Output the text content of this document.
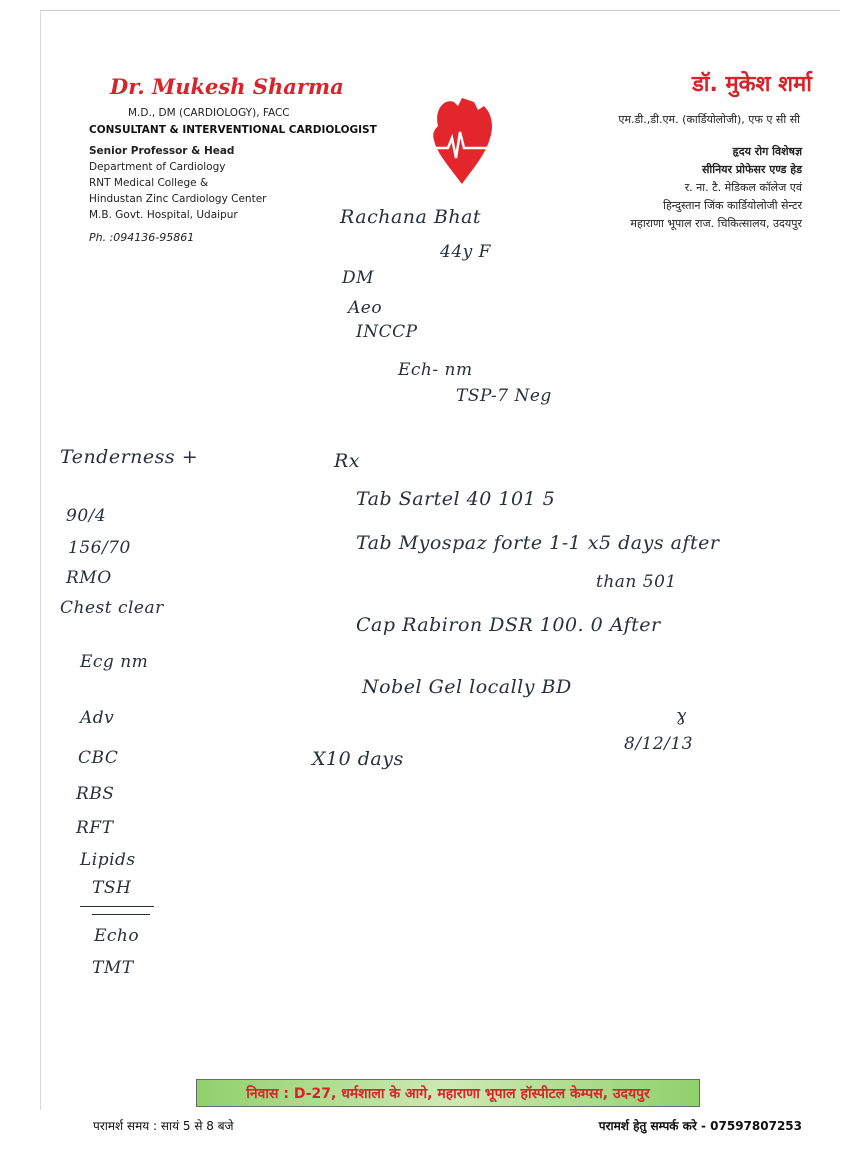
Dr. Mukesh Sharma
M.D., DM (CARDIOLOGY), FACC
CONSULTANT & INTERVENTIONAL CARDIOLOGIST
Senior Professor & Head
Department of Cardiology
RNT Medical College &
Hindustan Zinc Cardiology Center
M.B. Govt. Hospital, Udaipur
Ph. :094136-95861
डॉ. मुकेश शर्मा
एम.डी.,डी.एम. (कार्डियोलोजी), एफ ए सी सी
हृदय रोग विशेषज्ञ
सीनियर प्रोफेसर एण्ड हेड
र. ना. टै. मेडिकल कॉलेज एवं
हिन्दुस्तान जिंक कार्डियोलोजी सेन्टर
महाराणा भूपाल राज. चिकित्सालय, उदयपुर
Rachana Bhat
44y F
DM
Aeo
INCCP
Ech- nm
TSP-7 Neg
Tenderness +
90/4
156/70
RMO
Chest clear
Ecg nm
Adv
CBC
RBS
RFT
Lipids
TSH
Echo
TMT
Rx
Tab Sartel 40 101 5
Tab Myospaz forte 1-1 x5 days after
than 501
Cap Rabiron DSR 100. 0 After
Nobel Gel locally BD
X10 days
ɣ
8/12/13
निवास : D-27, धर्मशाला के आगे, महाराणा भूपाल हॉस्पीटल केम्पस, उदयपुर
परामर्श समय : सायं 5 से 8 बजे	परामर्श हेतु सम्पर्क करे - 07597807253
